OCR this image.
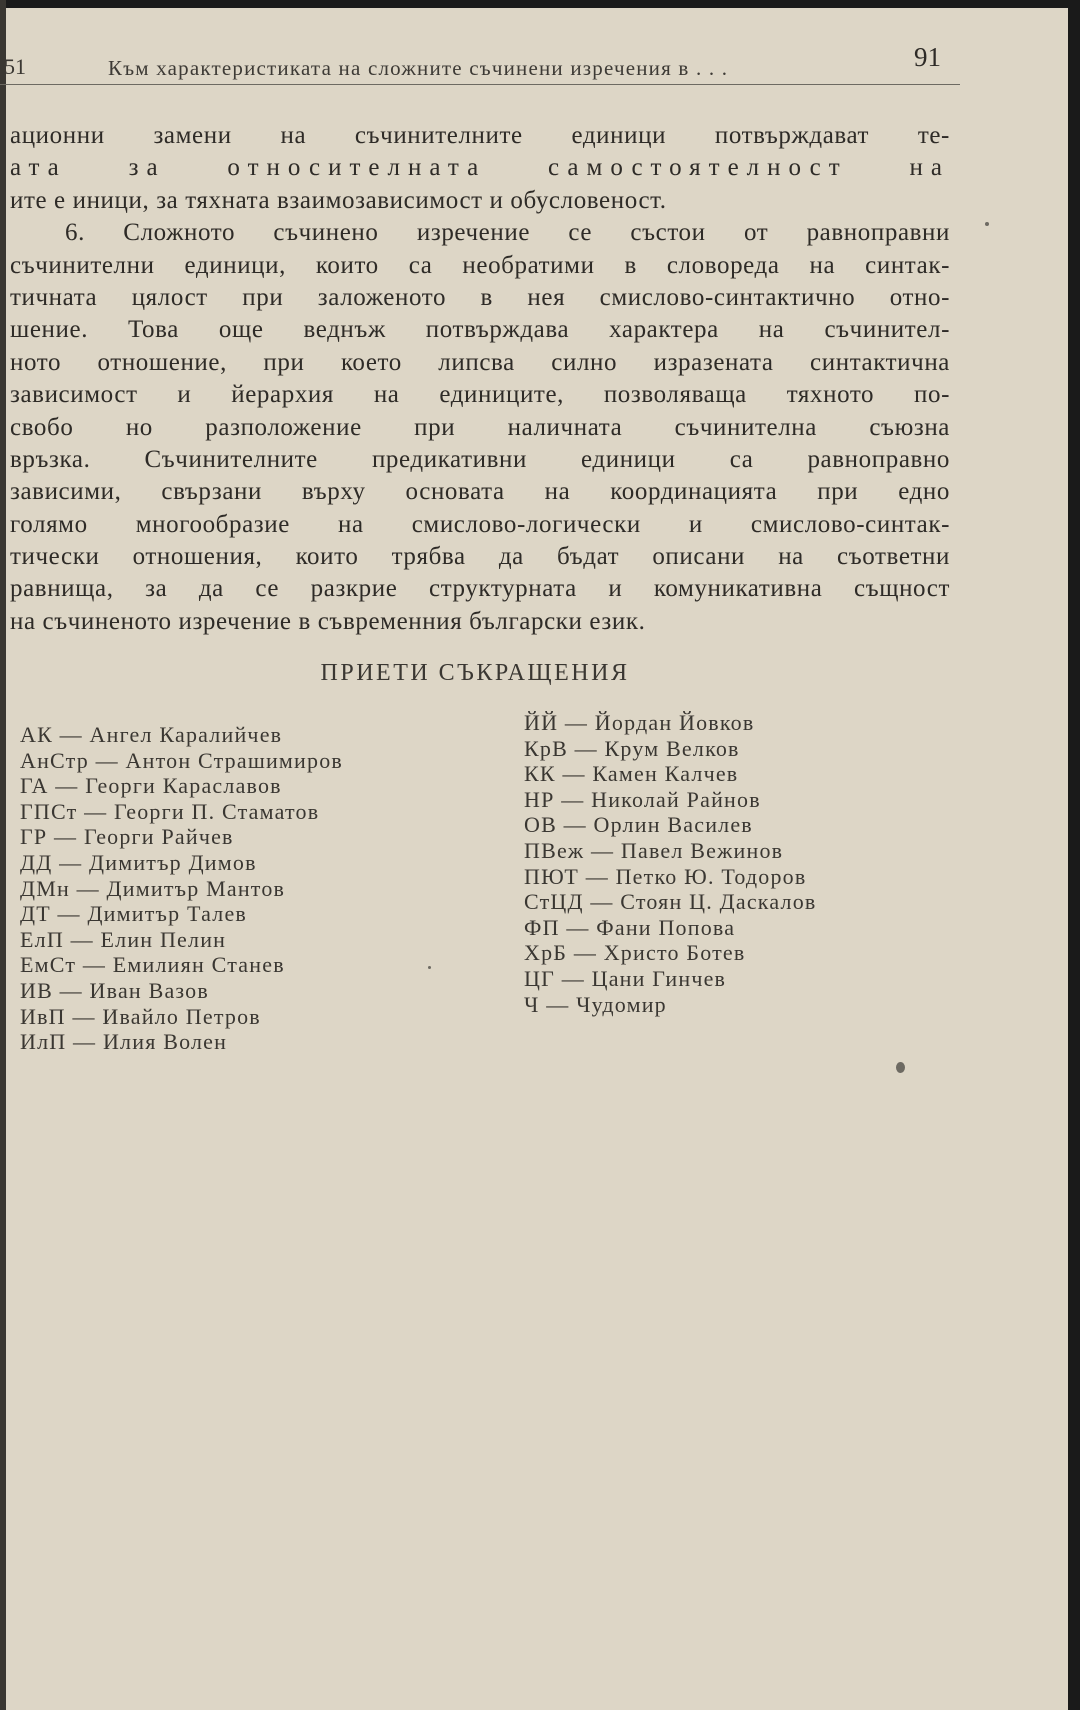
51	Към характеристиката на сложните съчинени изречения в . . .	91
ационни замени на съчинителните единици потвърждават те-
ата за относителната самостоятелност на
ите е иници, за тяхната взаимозависимост и обусловеност.
6. Сложното съчинено изречение се състои от равноправни
съчинителни единици, които са необратими в словореда на синтак-
тичната цялост при заложеното в нея смислово-синтактично отно-
шение. Това още веднъж потвърждава характера на съчинител-
ното отношение, при което липсва силно изразената синтактична
зависимост и йерархия на единиците, позволяваща тяхното по-
свобо но разположение при наличната съчинителна съюзна
връзка. Съчинителните предикативни единици са равноправно
зависими, свързани върху основата на координацията при едно
голямо многообразие на смислово-логически и смислово-синтак-
тически отношения, които трябва да бъдат описани на съответни
равнища, за да се разкрие структурната и комуникативна същност
на съчиненото изречение в съвременния български език.
ПРИЕТИ СЪКРАЩЕНИЯ
АК — Ангел Каралийчев
АнСтр — Антон Страшимиров
ГА — Георги Караславов
ГПСт — Георги П. Стаматов
ГР — Георги Райчев
ДД — Димитър Димов
ДМн — Димитър Мантов
ДТ — Димитър Талев
ЕлП — Елин Пелин
ЕмСт — Емилиян Станев
ИВ — Иван Вазов
ИвП — Ивайло Петров
ИлП — Илия Волен
ЙЙ — Йордан Йовков
КрВ — Крум Велков
КК — Камен Калчев
НР — Николай Райнов
ОВ — Орлин Василев
ПВеж — Павел Вежинов
ПЮТ — Петко Ю. Тодоров
СтЦД — Стоян Ц. Даскалов
ФП — Фани Попова
ХрБ — Христо Ботев
ЦГ — Цани Гинчев
Ч — Чудомир
